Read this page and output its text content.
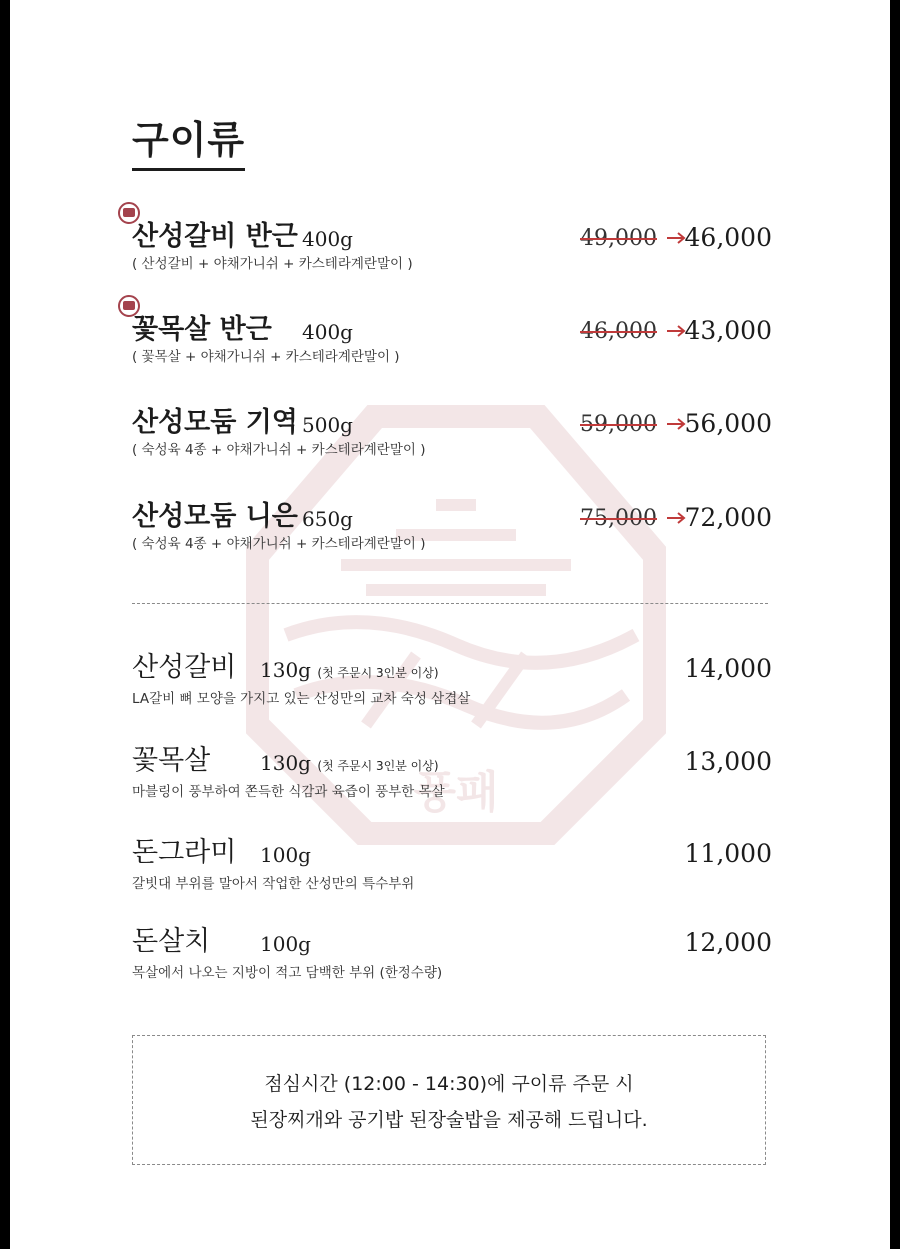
풍패
구이류
산성갈비 반근 400g
( 산성갈비 + 야채가니쉬 + 카스테라계란말이 )
49,000 46,000
꽃목살 반근 400g
( 꽃목살 + 야채가니쉬 + 카스테라계란말이 )
46,000 43,000
산성모둠 기역 500g
( 숙성육 4종 + 야채가니쉬 + 카스테라계란말이 )
59,000 56,000
산성모둠 니은 650g
( 숙성육 4종 + 야채가니쉬 + 카스테라계란말이 )
75,000 72,000
산성갈비 130g (첫 주문시 3인분 이상)
LA갈비 뼈 모양을 가지고 있는 산성만의 교차 숙성 삼겹살
14,000
꽃목살 130g (첫 주문시 3인분 이상)
마블링이 풍부하여 쫀득한 식감과 육즙이 풍부한 목살
13,000
돈그라미 100g
갈빗대 부위를 말아서 작업한 산성만의 특수부위
11,000
돈살치 100g
목살에서 나오는 지방이 적고 담백한 부위 (한정수량)
12,000
점심시간 (12:00 - 14:30)에 구이류 주문 시
된장찌개와 공기밥 된장술밥을 제공해 드립니다.
